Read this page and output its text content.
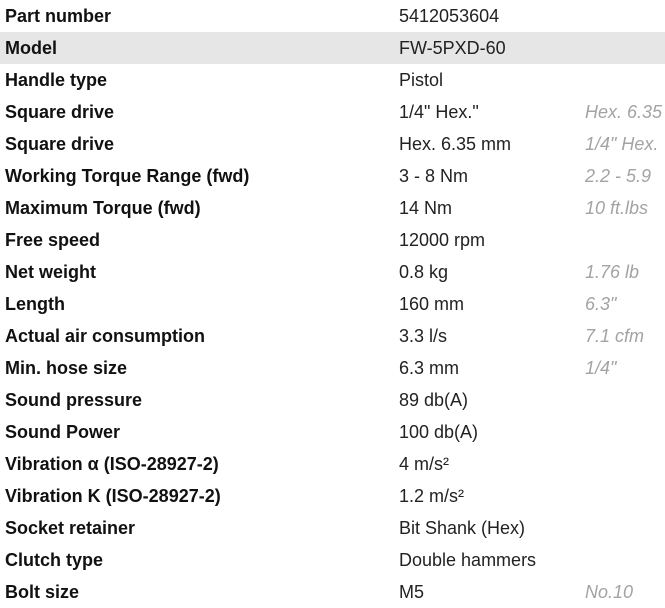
Part number	5412053604	
Model	FW-5PXD-60	
Handle type	Pistol	
Square drive	1/4" Hex."	Hex. 6.35
Square drive	Hex. 6.35 mm	1/4" Hex.
Working Torque Range (fwd)	3 - 8 Nm	2.2 - 5.9
Maximum Torque (fwd)	14 Nm	10 ft.lbs
Free speed	12000 rpm	
Net weight	0.8 kg	1.76 lb
Length	160 mm	6.3"
Actual air consumption	3.3 l/s	7.1 cfm
Min. hose size	6.3 mm	1/4"
Sound pressure	89 db(A)	
Sound Power	100 db(A)	
Vibration α (ISO-28927-2)	4 m/s²	
Vibration K (ISO-28927-2)	1.2 m/s²	
Socket retainer	Bit Shank (Hex)	
Clutch type	Double hammers	
Bolt size	M5	No.10
